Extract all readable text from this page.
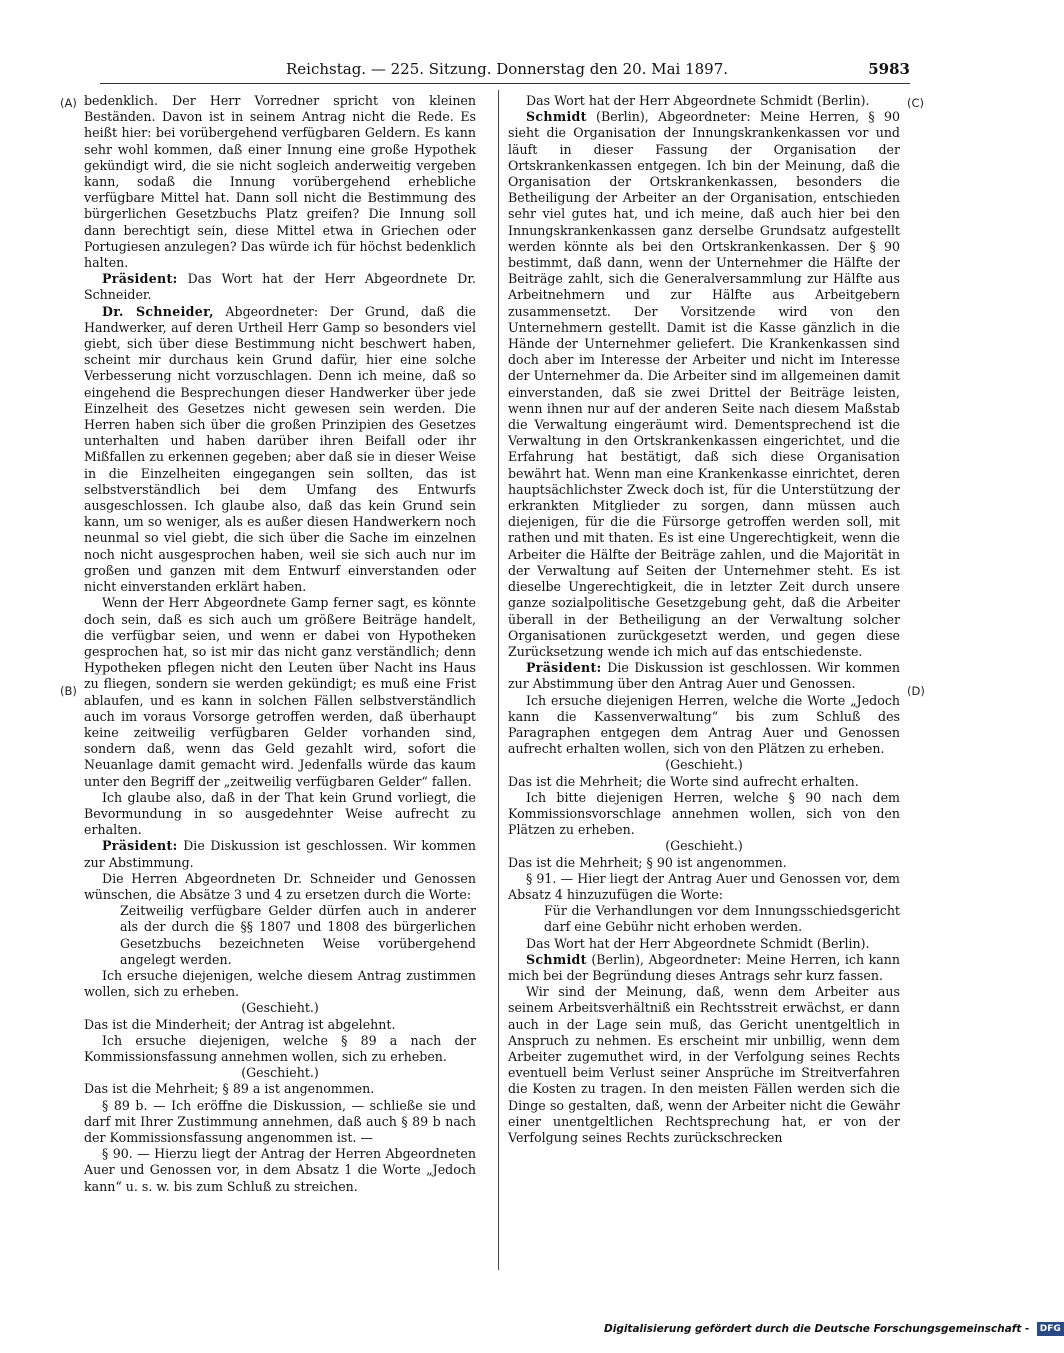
Reichstag. — 225. Sitzung. Donnerstag den 20. Mai 1897.	5983
(A)
(B)
(C)
(D)

bedenklich. Der Herr Vorredner spricht von kleinen Beständen. Davon ist in seinem Antrag nicht die Rede. Es heißt hier: bei vorübergehend verfügbaren Geldern. Es kann sehr wohl kommen, daß einer Innung eine große Hypothek gekündigt wird, die sie nicht sogleich anderweitig vergeben kann, sodaß die Innung vorübergehend erhebliche verfügbare Mittel hat. Dann soll nicht die Bestimmung des bürgerlichen Gesetzbuchs Platz greifen? Die Innung soll dann berechtigt sein, diese Mittel etwa in Griechen oder Portugiesen anzulegen? Das würde ich für höchst bedenklich halten.

Präsident: Das Wort hat der Herr Abgeordnete Dr. Schneider.

Dr. Schneider, Abgeordneter: Der Grund, daß die Handwerker, auf deren Urtheil Herr Gamp so besonders viel giebt, sich über diese Bestimmung nicht beschwert haben, scheint mir durchaus kein Grund dafür, hier eine solche Verbesserung nicht vorzuschlagen. Denn ich meine, daß so eingehend die Besprechungen dieser Handwerker über jede Einzelheit des Gesetzes nicht gewesen sein werden. Die Herren haben sich über die großen Prinzipien des Gesetzes unterhalten und haben darüber ihren Beifall oder ihr Mißfallen zu erkennen gegeben; aber daß sie in dieser Weise in die Einzelheiten eingegangen sein sollten, das ist selbstverständlich bei dem Umfang des Entwurfs ausgeschlossen. Ich glaube also, daß das kein Grund sein kann, um so weniger, als es außer diesen Handwerkern noch neunmal so viel giebt, die sich über die Sache im einzelnen noch nicht ausgesprochen haben, weil sie sich auch nur im großen und ganzen mit dem Entwurf einverstanden oder nicht einverstanden erklärt haben.

Wenn der Herr Abgeordnete Gamp ferner sagt, es könnte doch sein, daß es sich auch um größere Beiträge handelt, die verfügbar seien, und wenn er dabei von Hypotheken gesprochen hat, so ist mir das nicht ganz verständlich; denn Hypotheken pflegen nicht den Leuten über Nacht ins Haus zu fliegen, sondern sie werden gekündigt; es muß eine Frist ablaufen, und es kann in solchen Fällen selbstverständlich auch im voraus Vorsorge getroffen werden, daß überhaupt keine zeitweilig verfügbaren Gelder vorhanden sind, sondern daß, wenn das Geld gezahlt wird, sofort die Neuanlage damit gemacht wird. Jedenfalls würde das kaum unter den Begriff der „zeitweilig verfügbaren Gelder“ fallen.

Ich glaube also, daß in der That kein Grund vorliegt, die Bevormundung in so ausgedehnter Weise aufrecht zu erhalten.

Präsident: Die Diskussion ist geschlossen. Wir kommen zur Abstimmung.

Die Herren Abgeordneten Dr. Schneider und Genossen wünschen, die Absätze 3 und 4 zu ersetzen durch die Worte:

Zeitweilig verfügbare Gelder dürfen auch in anderer als der durch die §§ 1807 und 1808 des bürgerlichen Gesetzbuchs bezeichneten Weise vorübergehend angelegt werden.

Ich ersuche diejenigen, welche diesem Antrag zustimmen wollen, sich zu erheben.

(Geschieht.)

Das ist die Minderheit; der Antrag ist abgelehnt.

Ich ersuche diejenigen, welche § 89 a nach der Kommissionsfassung annehmen wollen, sich zu erheben.

(Geschieht.)

Das ist die Mehrheit; § 89 a ist angenommen.

§ 89 b. — Ich eröffne die Diskussion, — schließe sie und darf mit Ihrer Zustimmung annehmen, daß auch § 89 b nach der Kommissionsfassung angenommen ist. —

§ 90. — Hierzu liegt der Antrag der Herren Abgeordneten Auer und Genossen vor, in dem Absatz 1 die Worte „Jedoch kann“ u. s. w. bis zum Schluß zu streichen.

Das Wort hat der Herr Abgeordnete Schmidt (Berlin).

Schmidt (Berlin), Abgeordneter: Meine Herren, § 90 sieht die Organisation der Innungskrankenkassen vor und läuft in dieser Fassung der Organisation der Ortskrankenkassen entgegen. Ich bin der Meinung, daß die Organisation der Ortskrankenkassen, besonders die Betheiligung der Arbeiter an der Organisation, entschieden sehr viel gutes hat, und ich meine, daß auch hier bei den Innungskrankenkassen ganz derselbe Grundsatz aufgestellt werden könnte als bei den Ortskrankenkassen. Der § 90 bestimmt, daß dann, wenn der Unternehmer die Hälfte der Beiträge zahlt, sich die Generalversammlung zur Hälfte aus Arbeitnehmern und zur Hälfte aus Arbeitgebern zusammensetzt. Der Vorsitzende wird von den Unternehmern gestellt. Damit ist die Kasse gänzlich in die Hände der Unternehmer geliefert. Die Krankenkassen sind doch aber im Interesse der Arbeiter und nicht im Interesse der Unternehmer da. Die Arbeiter sind im allgemeinen damit einverstanden, daß sie zwei Drittel der Beiträge leisten, wenn ihnen nur auf der anderen Seite nach diesem Maßstab die Verwaltung eingeräumt wird. Dementsprechend ist die Verwaltung in den Ortskrankenkassen eingerichtet, und die Erfahrung hat bestätigt, daß sich diese Organisation bewährt hat. Wenn man eine Krankenkasse einrichtet, deren hauptsächlichster Zweck doch ist, für die Unterstützung der erkrankten Mitglieder zu sorgen, dann müssen auch diejenigen, für die die Fürsorge getroffen werden soll, mit rathen und mit thaten. Es ist eine Ungerechtigkeit, wenn die Arbeiter die Hälfte der Beiträge zahlen, und die Majorität in der Verwaltung auf Seiten der Unternehmer steht. Es ist dieselbe Ungerechtigkeit, die in letzter Zeit durch unsere ganze sozialpolitische Gesetzgebung geht, daß die Arbeiter überall in der Betheiligung an der Verwaltung solcher Organisationen zurückgesetzt werden, und gegen diese Zurücksetzung wende ich mich auf das entschiedenste.

Präsident: Die Diskussion ist geschlossen. Wir kommen zur Abstimmung über den Antrag Auer und Genossen.

Ich ersuche diejenigen Herren, welche die Worte „Jedoch kann die Kassenverwaltung“ bis zum Schluß des Paragraphen entgegen dem Antrag Auer und Genossen aufrecht erhalten wollen, sich von den Plätzen zu erheben.

(Geschieht.)

Das ist die Mehrheit; die Worte sind aufrecht erhalten.

Ich bitte diejenigen Herren, welche § 90 nach dem Kommissionsvorschlage annehmen wollen, sich von den Plätzen zu erheben.

(Geschieht.)

Das ist die Mehrheit; § 90 ist angenommen.

§ 91. — Hier liegt der Antrag Auer und Genossen vor, dem Absatz 4 hinzuzufügen die Worte:

Für die Verhandlungen vor dem Innungsschiedsgericht darf eine Gebühr nicht erhoben werden.

Das Wort hat der Herr Abgeordnete Schmidt (Berlin).

Schmidt (Berlin), Abgeordneter: Meine Herren, ich kann mich bei der Begründung dieses Antrags sehr kurz fassen.

Wir sind der Meinung, daß, wenn dem Arbeiter aus seinem Arbeitsverhältniß ein Rechtsstreit erwächst, er dann auch in der Lage sein muß, das Gericht unentgeltlich in Anspruch zu nehmen. Es erscheint mir unbillig, wenn dem Arbeiter zugemuthet wird, in der Verfolgung seines Rechts eventuell beim Verlust seiner Ansprüche im Streitverfahren die Kosten zu tragen. In den meisten Fällen werden sich die Dinge so gestalten, daß, wenn der Arbeiter nicht die Gewähr einer unentgeltlichen Rechtsprechung hat, er von der Verfolgung seines Rechts zurückschrecken

Digitalisierung gefördert durch die Deutsche Forschungsgemeinschaft - DFG
